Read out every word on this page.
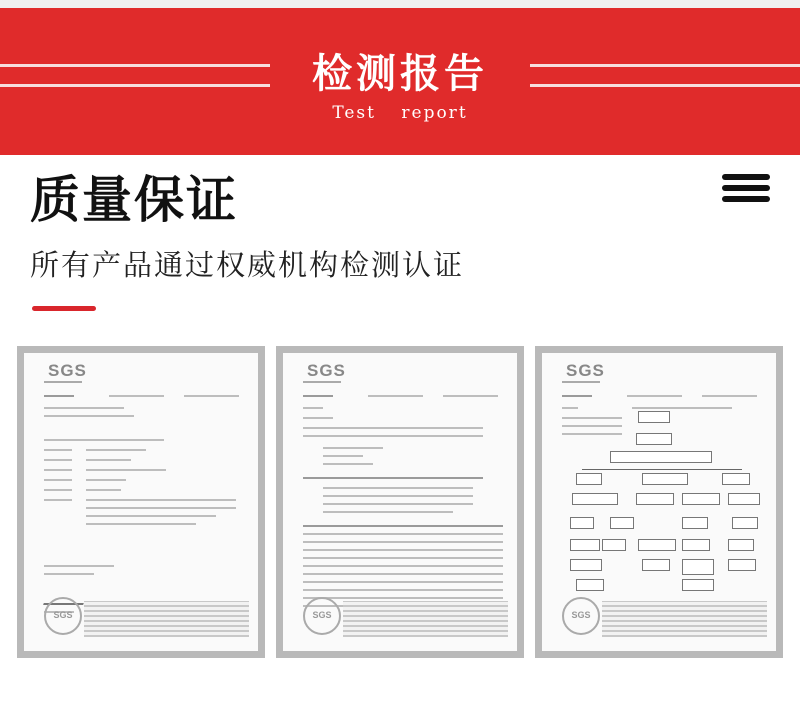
检测报告
Test report
质量保证
所有产品通过权威机构检测认证
SGS
SGS
SGS
SGS
SGS
SGS
